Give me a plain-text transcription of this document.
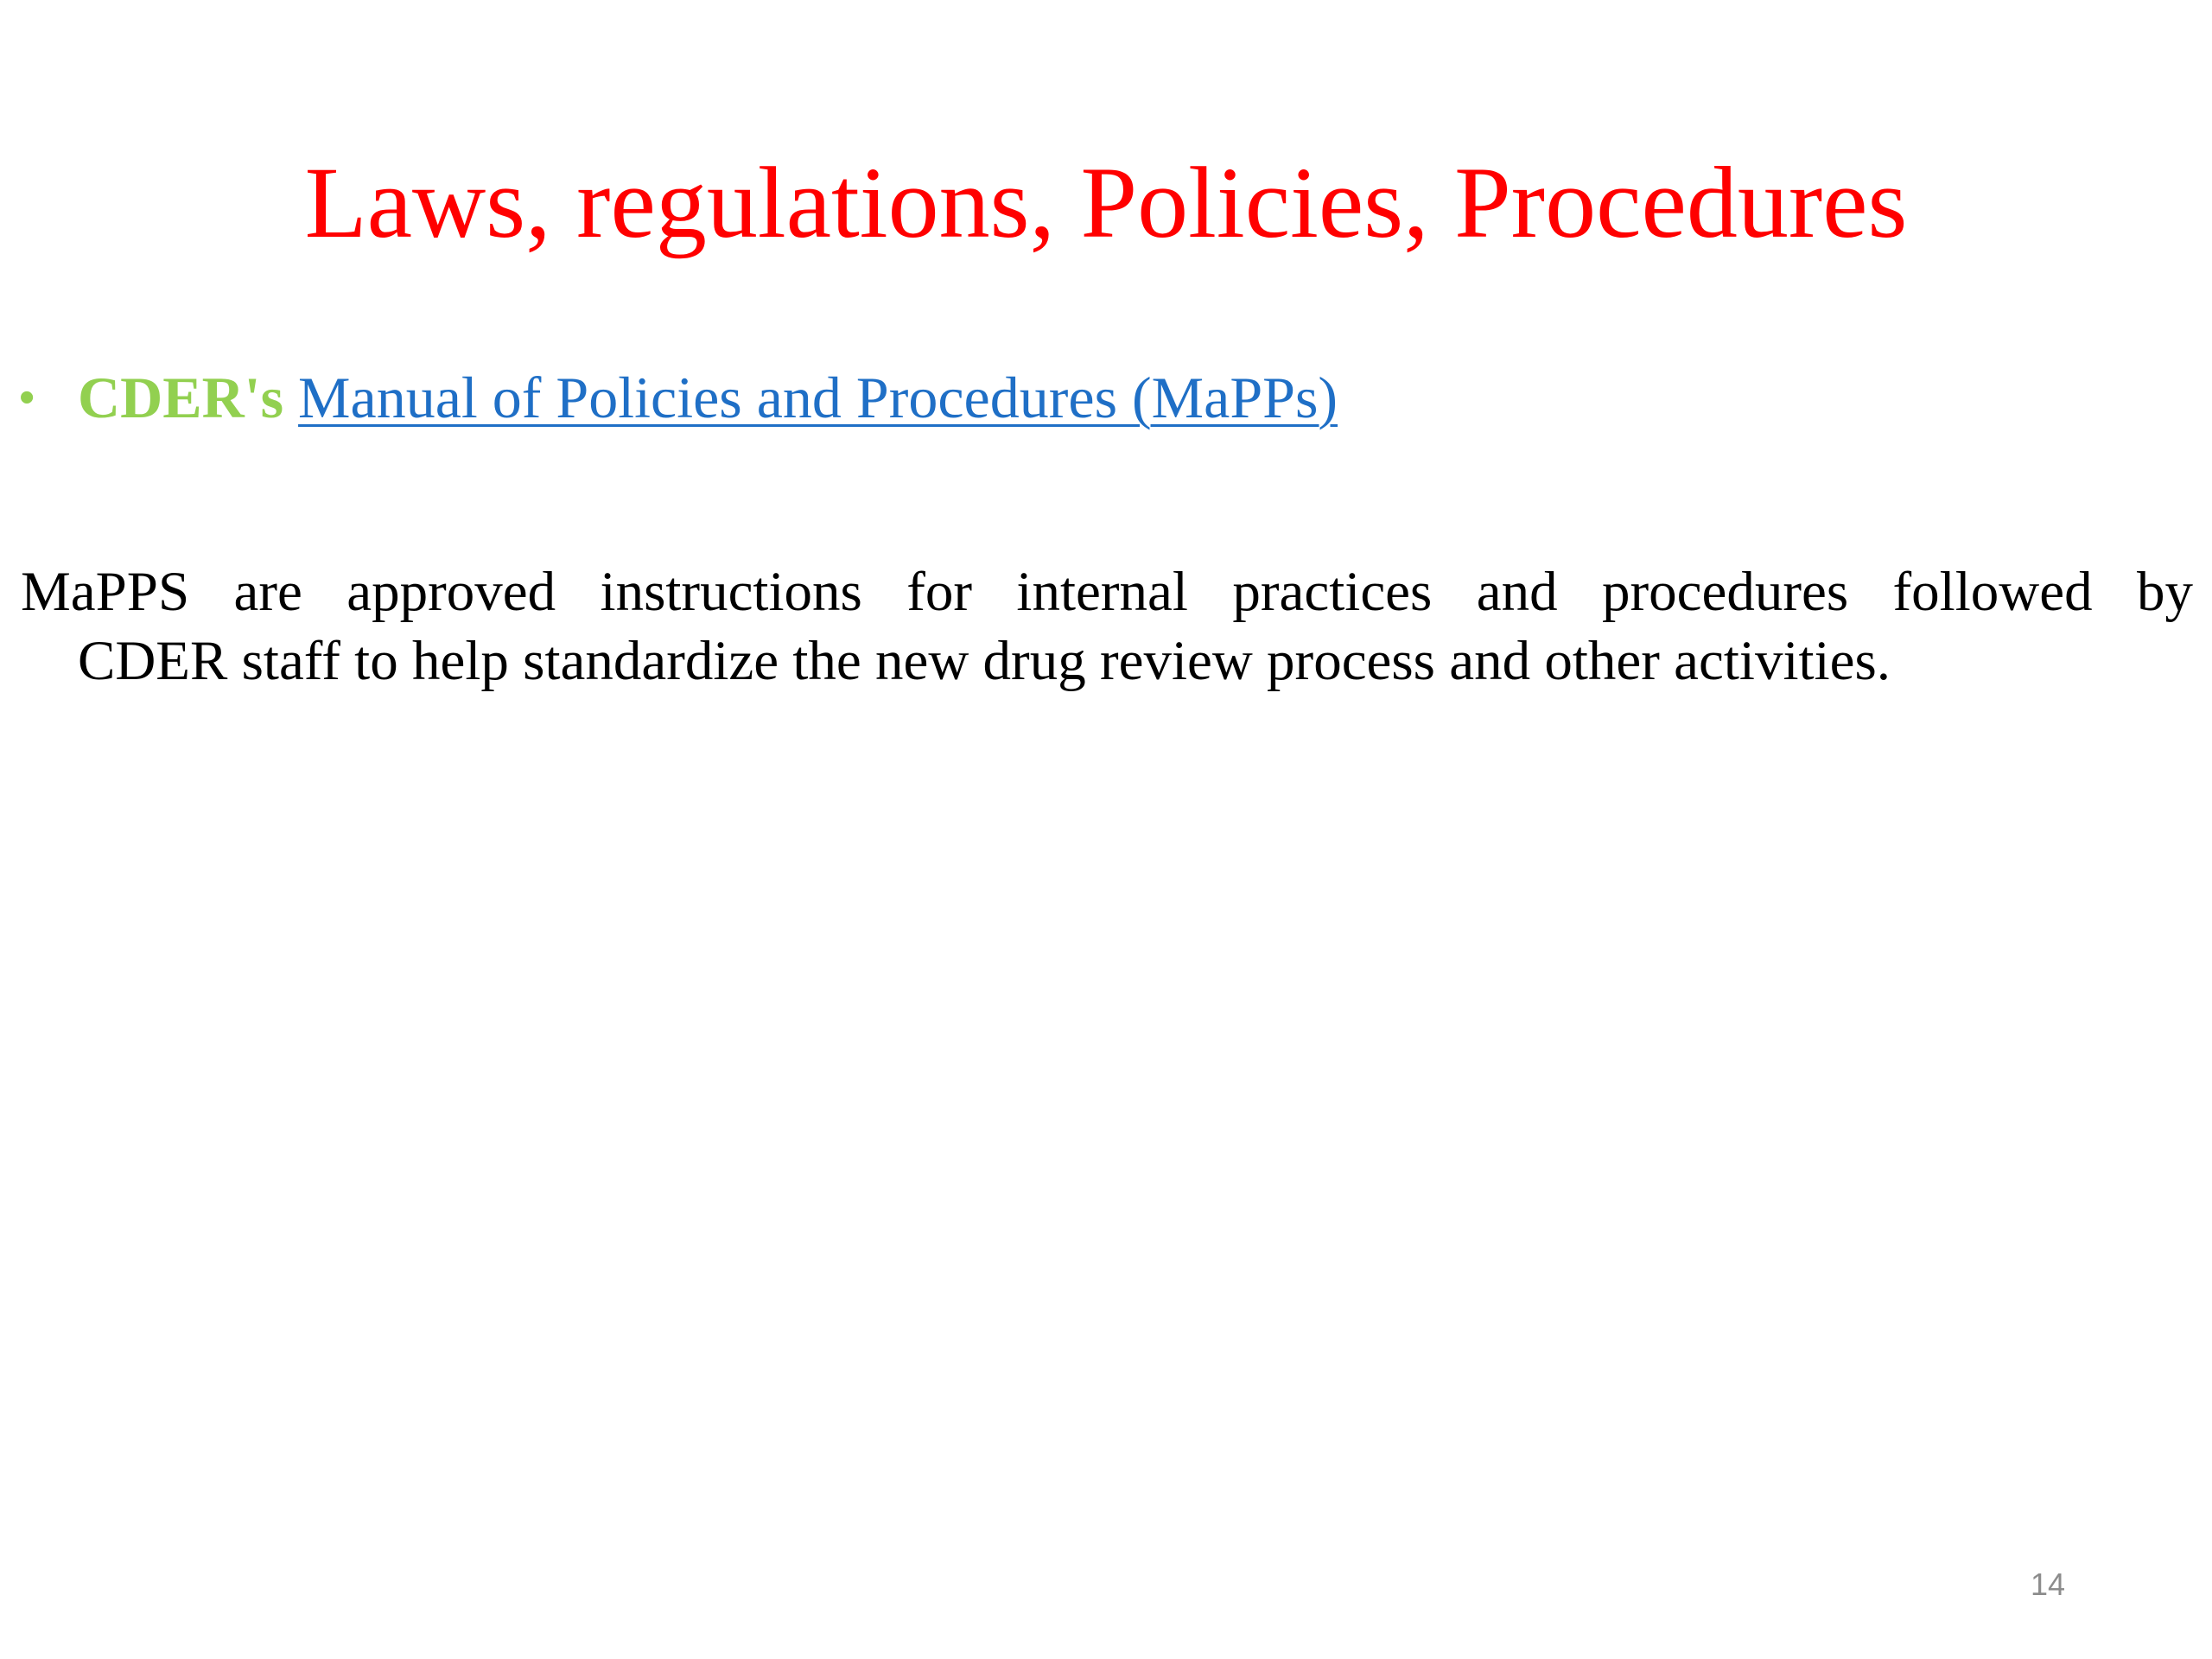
Laws, regulations, Policies, Procedures
• CDER's Manual of Policies and Procedures (MaPPs)
MaPPS are approved instructions for internal practices and procedures followed by
CDER staff to help standardize the new drug review process and other activities.
14
